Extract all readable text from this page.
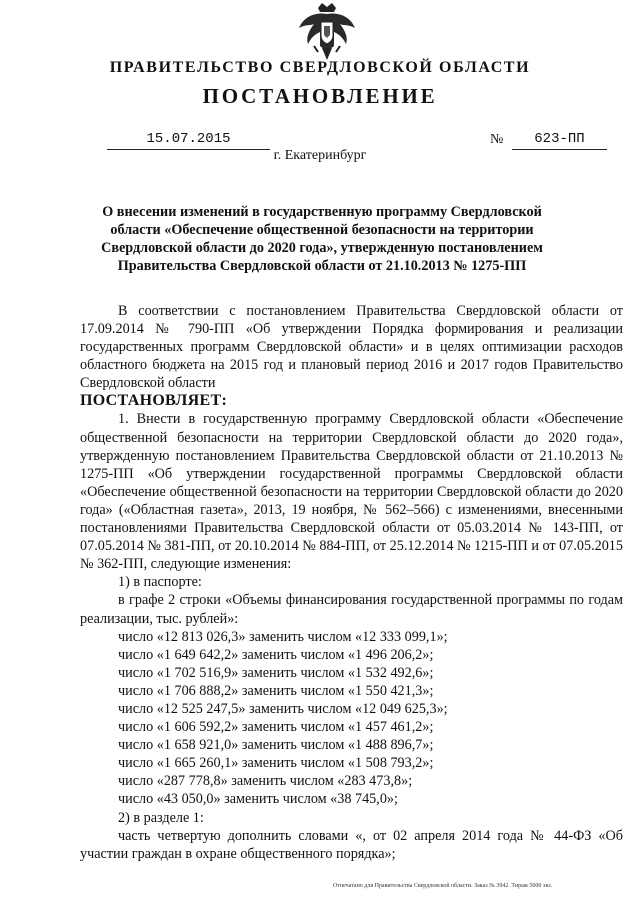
ПРАВИТЕЛЬСТВО СВЕРДЛОВСКОЙ ОБЛАСТИ
ПОСТАНОВЛЕНИЕ
15.07.2015	№	623-ПП
г. Екатеринбург
О внесении изменений в государственную программу Свердловской области «Обеспечение общественной безопасности на территории Свердловской области до 2020 года», утвержденную постановлением Правительства Свердловской области от 21.10.2013 № 1275-ПП

В соответствии с постановлением Правительства Свердловской области от 17.09.2014 № 790-ПП «Об утверждении Порядка формирования и реализации государственных программ Свердловской области» и в целях оптимизации расходов областного бюджета на 2015 год и плановый период 2016 и 2017 годов Правительство Свердловской области

ПОСТАНОВЛЯЕТ:

1. Внести в государственную программу Свердловской области «Обеспечение общественной безопасности на территории Свердловской области до 2020 года», утвержденную постановлением Правительства Свердловской области от 21.10.2013 № 1275-ПП «Об утверждении государственной программы Свердловской области «Обеспечение общественной безопасности на территории Свердловской области до 2020 года» («Областная газета», 2013, 19 ноября, № 562–566) с изменениями, внесенными постановлениями Правительства Свердловской области от 05.03.2014 № 143-ПП, от 07.05.2014 № 381-ПП, от 20.10.2014 № 884-ПП, от 25.12.2014 № 1215-ПП и от 07.05.2015 № 362-ПП, следующие изменения:

1) в паспорте:

в графе 2 строки «Объемы финансирования государственной программы по годам реализации, тыс. рублей»:

число «12 813 026,3» заменить числом «12 333 099,1»;

число «1 649 642,2» заменить числом «1 496 206,2»;

число «1 702 516,9» заменить числом «1 532 492,6»;

число «1 706 888,2» заменить числом «1 550 421,3»;

число «12 525 247,5» заменить числом «12 049 625,3»;

число «1 606 592,2» заменить числом «1 457 461,2»;

число «1 658 921,0» заменить числом «1 488 896,7»;

число «1 665 260,1» заменить числом «1 508 793,2»;

число «287 778,8» заменить числом «283 473,8»;

число «43 050,0» заменить числом «38 745,0»;

2) в разделе 1:

часть четвертую дополнить словами «, от 02 апреля 2014 года № 44-ФЗ «Об участии граждан в охране общественного порядка»;

Отпечатано для Правительства Свердловской области. Заказ № 3942. Тираж 5000 экз.
